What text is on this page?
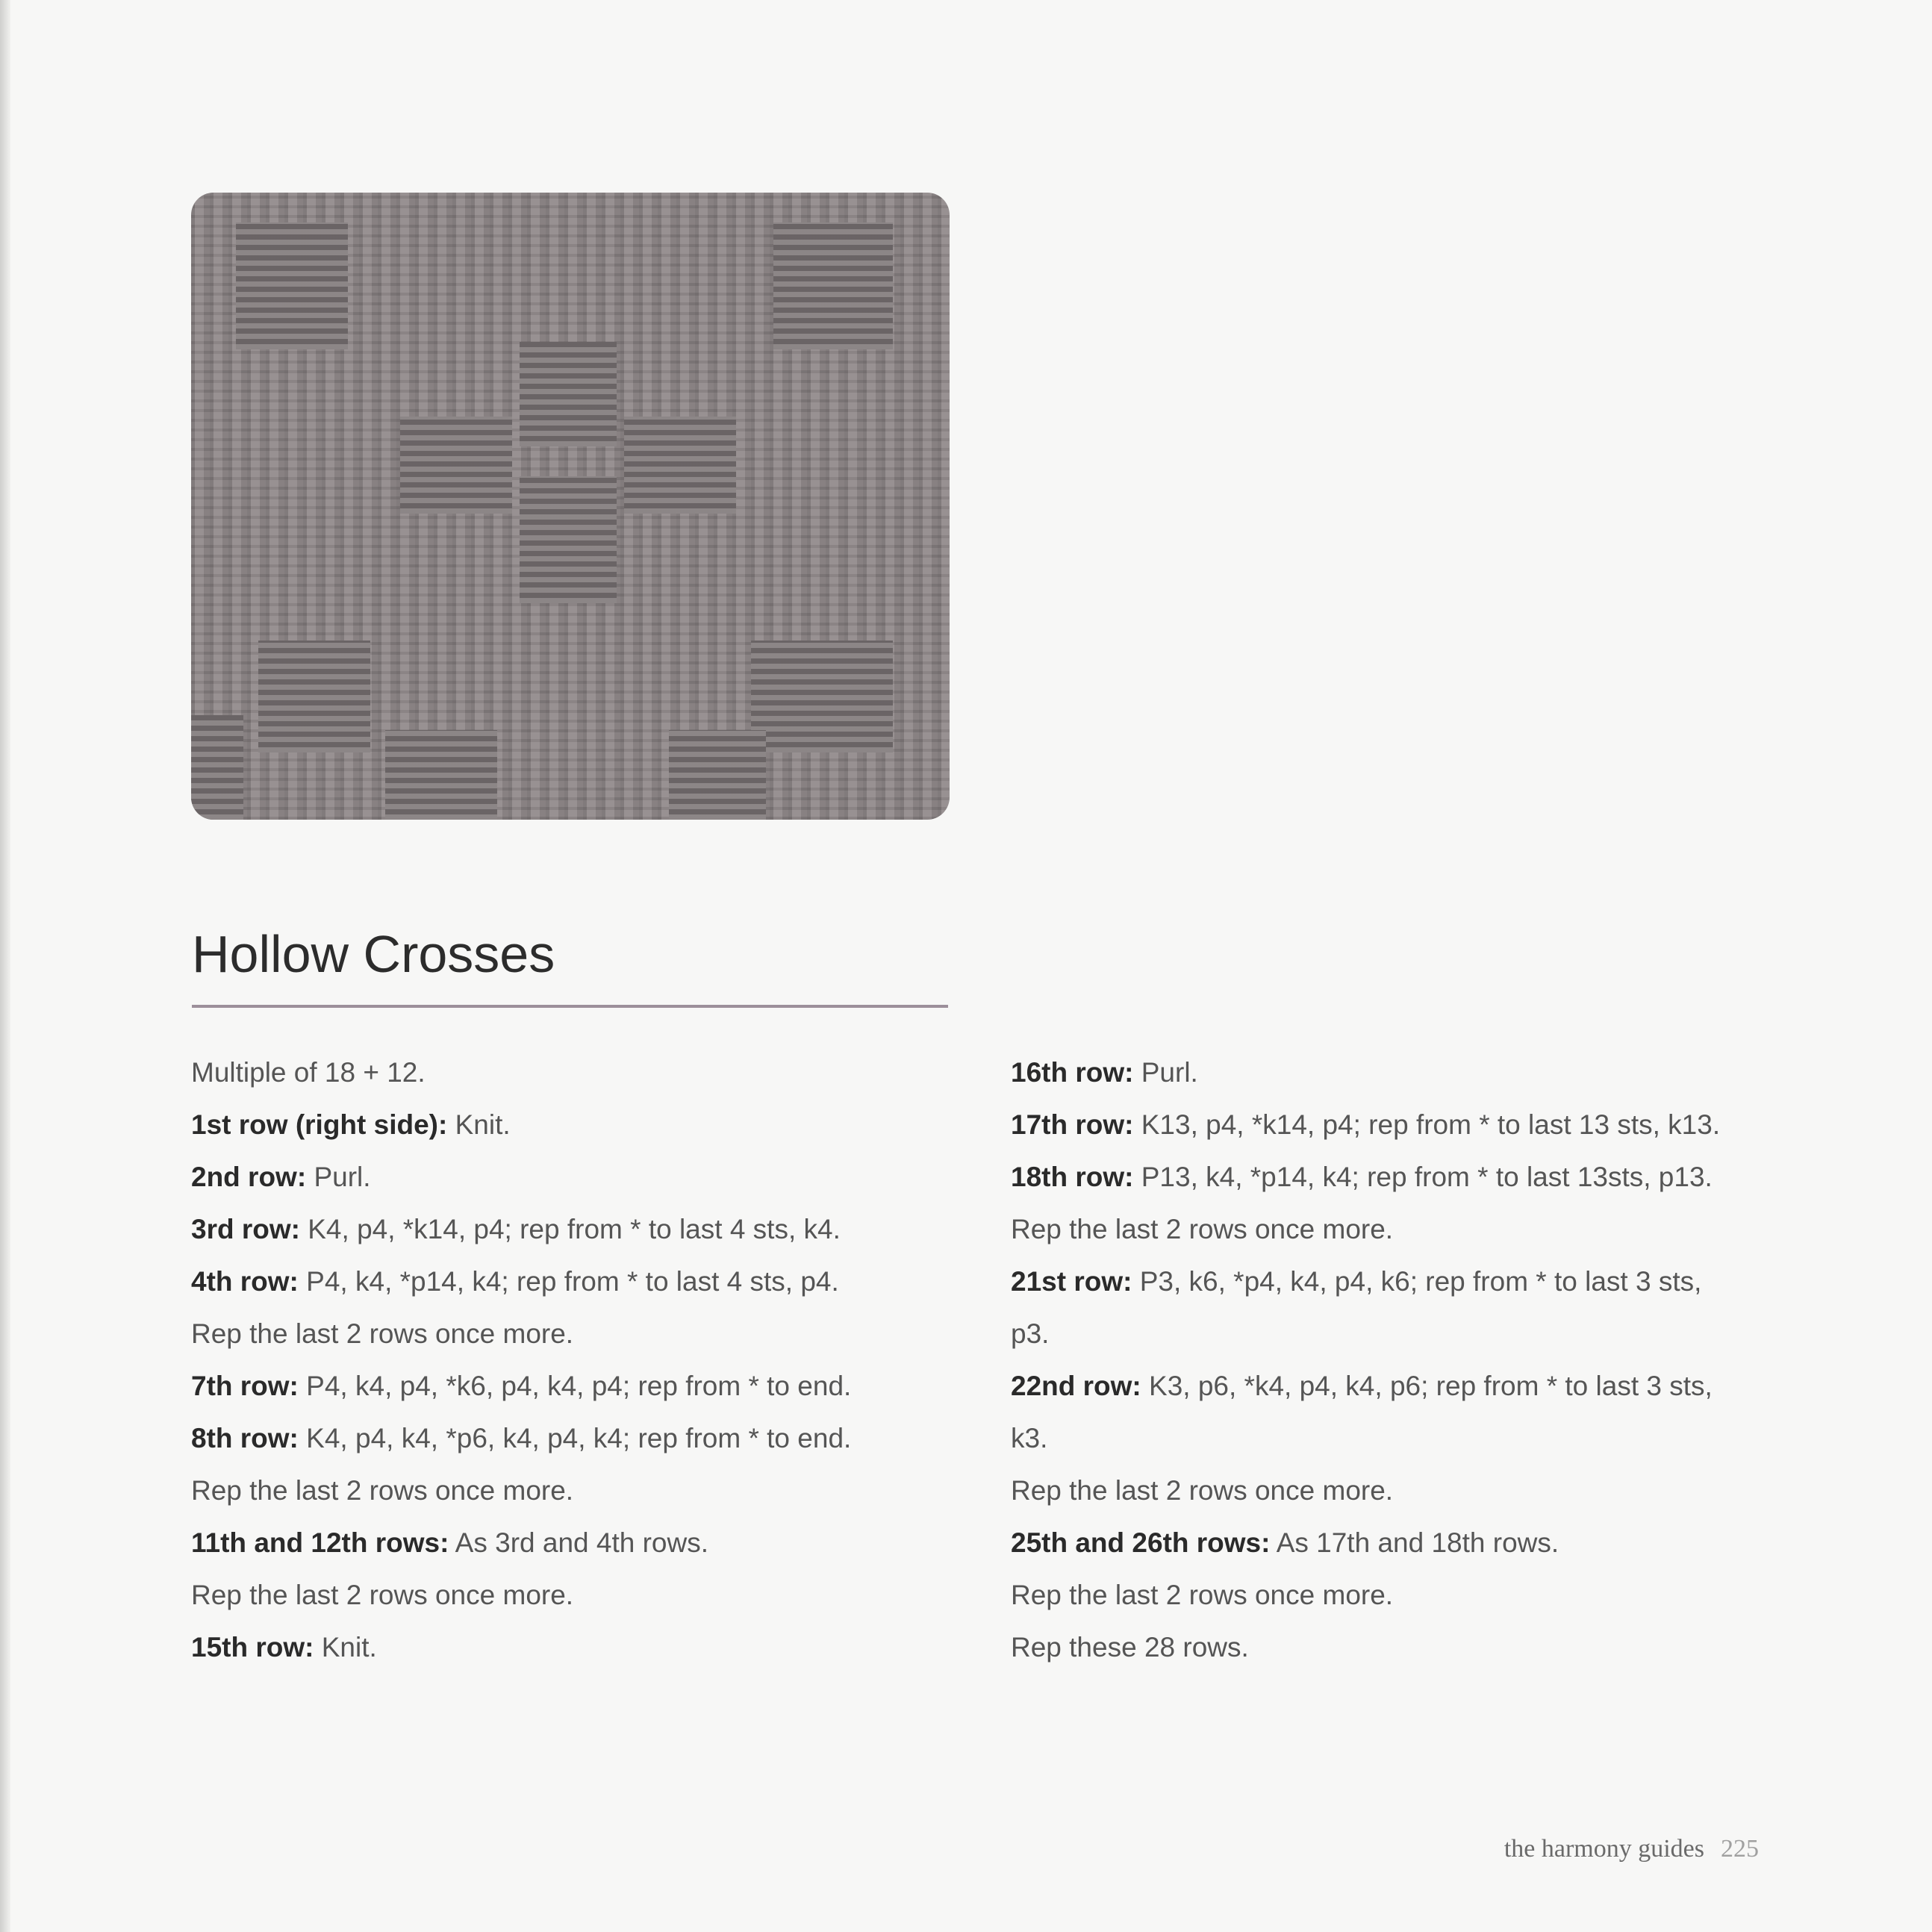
Hollow Crosses
Multiple of 18 + 12.
1st row (right side): Knit.
2nd row: Purl.
3rd row: K4, p4, *k14, p4; rep from * to last 4 sts, k4.
4th row: P4, k4, *p14, k4; rep from * to last 4 sts, p4.
Rep the last 2 rows once more.
7th row: P4, k4, p4, *k6, p4, k4, p4; rep from * to end.
8th row: K4, p4, k4, *p6, k4, p4, k4; rep from * to end.
Rep the last 2 rows once more.
11th and 12th rows: As 3rd and 4th rows.
Rep the last 2 rows once more.
15th row: Knit.
16th row: Purl.
17th row: K13, p4, *k14, p4; rep from * to last 13 sts, k13.
18th row: P13, k4, *p14, k4; rep from * to last 13sts, p13.
Rep the last 2 rows once more.
21st row: P3, k6, *p4, k4, p4, k6; rep from * to last 3 sts,
p3.
22nd row: K3, p6, *k4, p4, k4, p6; rep from * to last 3 sts,
k3.
Rep the last 2 rows once more.
25th and 26th rows: As 17th and 18th rows.
Rep the last 2 rows once more.
Rep these 28 rows.
the harmony guides 225
